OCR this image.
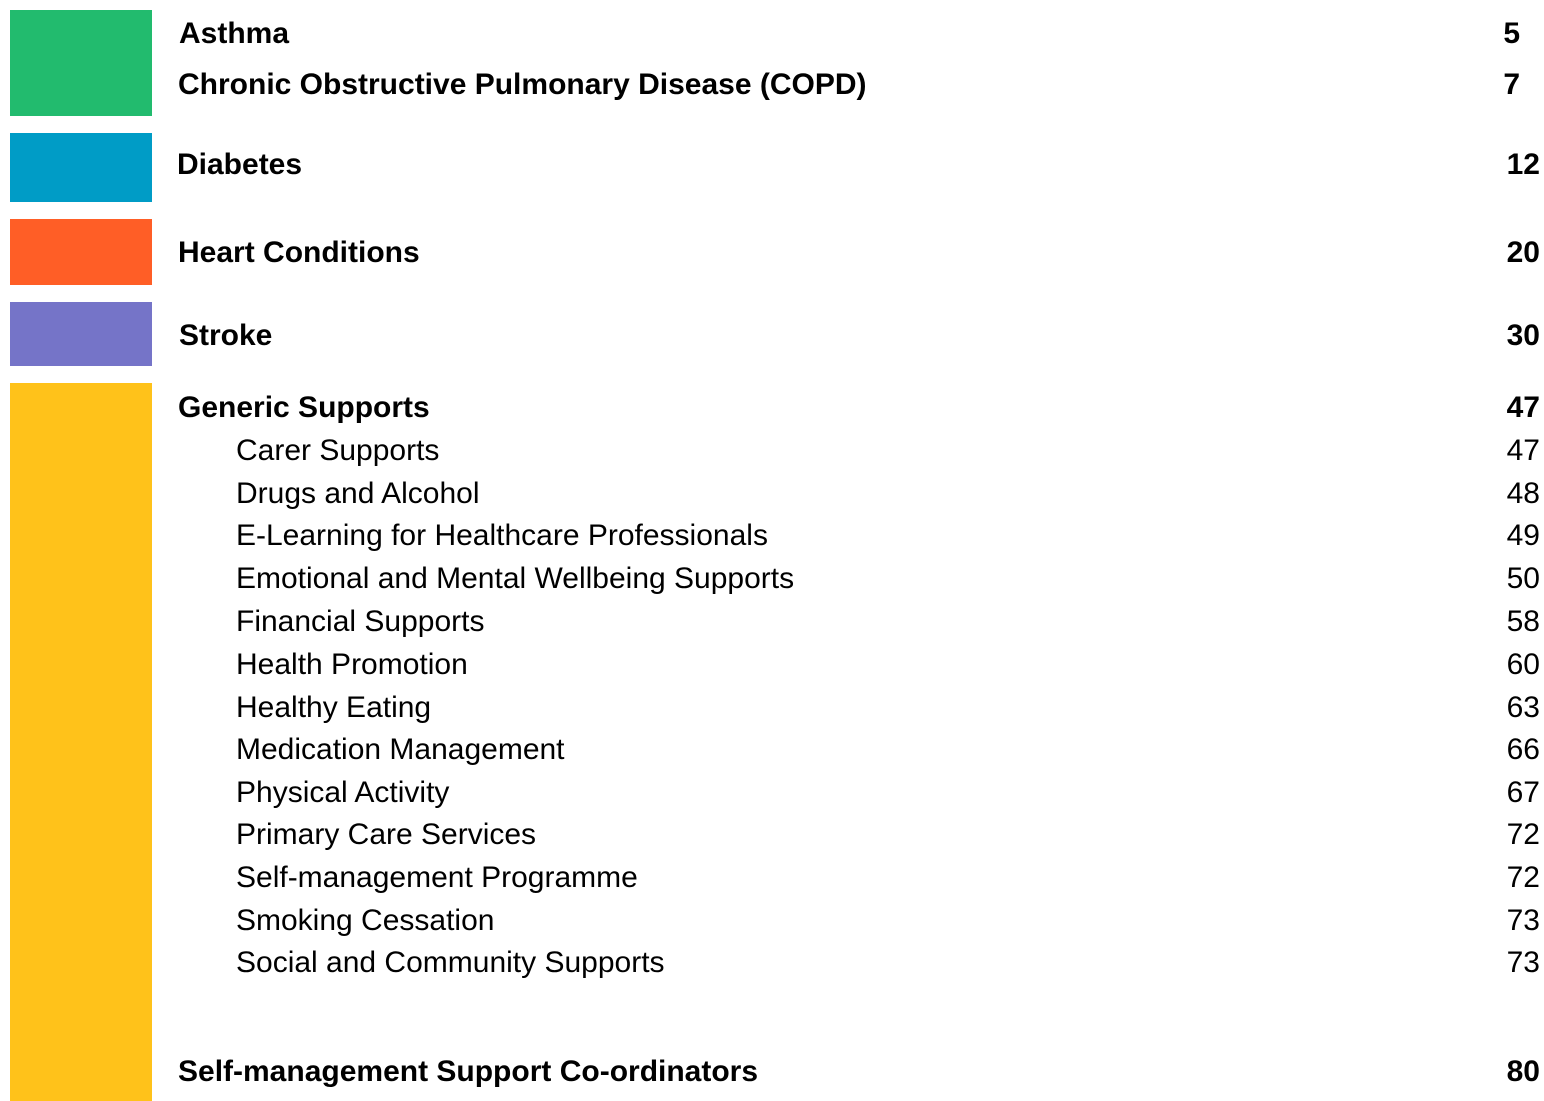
Asthma	5
Chronic Obstructive Pulmonary Disease (COPD)	7
Diabetes	12
Heart Conditions	20
Stroke	30
Generic Supports	47
Carer Supports	47
Drugs and Alcohol	48
E-Learning for Healthcare Professionals	49
Emotional and Mental Wellbeing Supports	50
Financial Supports	58
Health Promotion	60
Healthy Eating	63
Medication Management	66
Physical Activity	67
Primary Care Services	72
Self-management Programme	72
Smoking Cessation	73
Social and Community Supports	73
Self-management Support Co-ordinators	80
